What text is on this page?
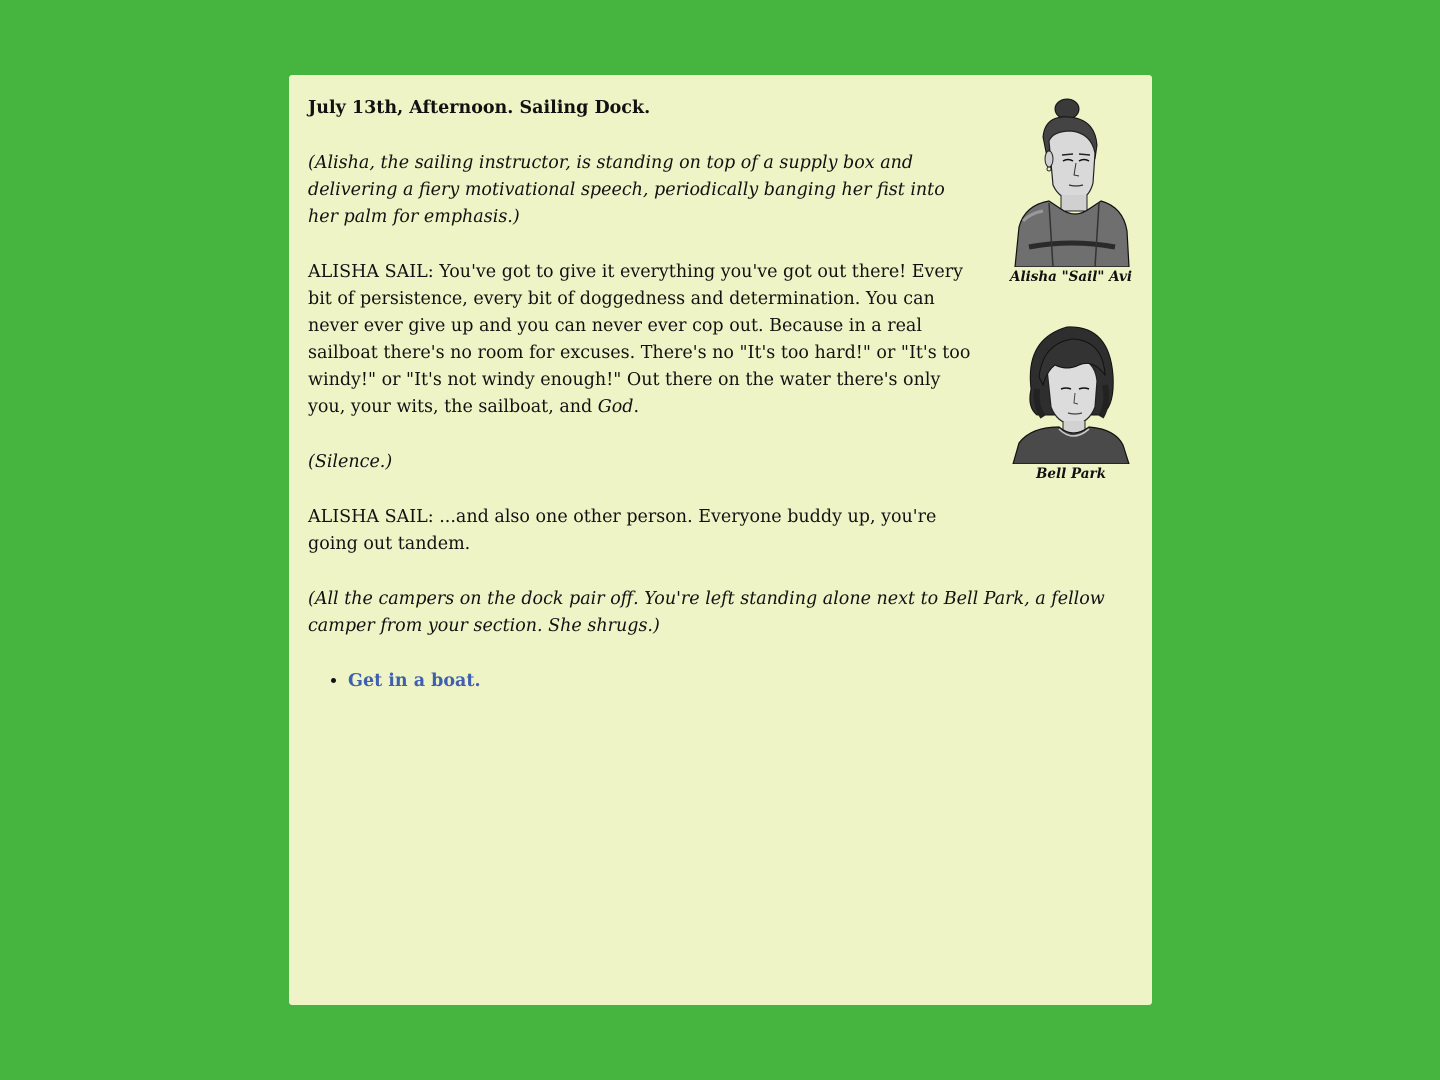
Alisha "Sail" Avi
Bell Park

July 13th, Afternoon. Sailing Dock.

(Alisha, the sailing instructor, is standing on top of a supply box and delivering a fiery motivational speech, periodically banging her fist into her palm for emphasis.)

ALISHA SAIL: You've got to give it everything you've got out there! Every bit of persistence, every bit of doggedness and determination. You can never ever give up and you can never ever cop out. Because in a real sailboat there's no room for excuses. There's no "It's too hard!" or "It's too windy!" or "It's not windy enough!" Out there on the water there's only you, your wits, the sailboat, and God.

(Silence.)

ALISHA SAIL: ...and also one other person. Everyone buddy up, you're going out tandem.

(All the campers on the dock pair off. You're left standing alone next to Bell Park, a fellow camper from your section. She shrugs.)

• Get in a boat.
